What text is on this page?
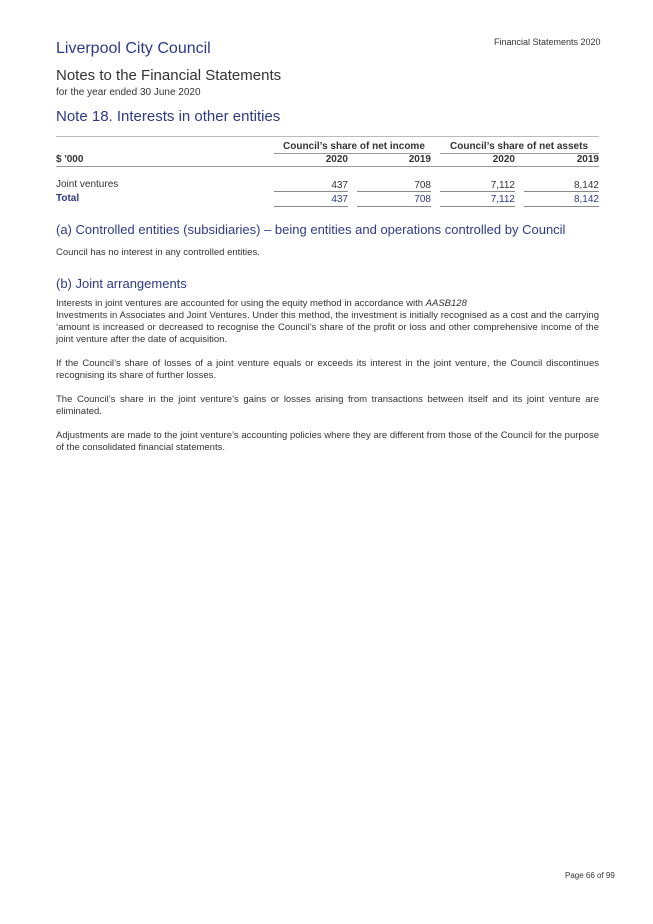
Financial Statements 2020
Liverpool City Council
Notes to the Financial Statements
for the year ended 30 June 2020
Note 18. Interests in other entities
Council’s share of net income	Council’s share of net assets
$ '000	2020	2019	2020	2019
Joint ventures	437	708	7,112	8,142
Total	437	708	7,112	8,142
(a) Controlled entities (subsidiaries) – being entities and operations controlled by Council

Council has no interest in any controlled entities.

(b) Joint arrangements

Interests in joint ventures are accounted for using the equity method in accordance with AASB128
Investments in Associates and Joint Ventures. Under this method, the investment is initially recognised as a cost and the carrying ‘amount is increased or decreased to recognise the Council’s share of the profit or loss and other comprehensive income of the joint venture after the date of acquisition.

If the Council’s share of losses of a joint venture equals or exceeds its interest in the joint venture, the Council discontinues recognising its share of further losses.

The Council’s share in the joint venture’s gains or losses arising from transactions between itself and its joint venture are eliminated.

Adjustments are made to the joint venture’s accounting policies where they are different from those of the Council for the purpose of the consolidated financial statements.

Page 66 of 99
